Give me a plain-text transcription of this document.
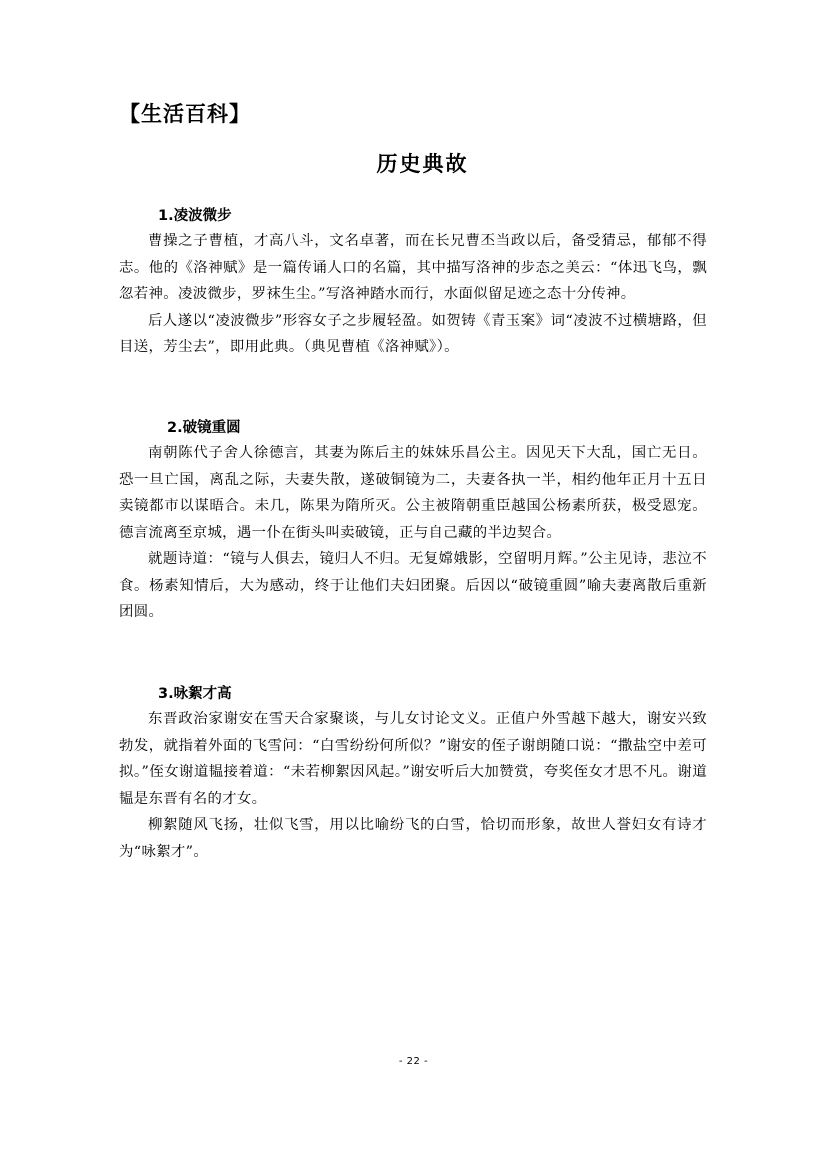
【生活百科】
历史典故
1.凌波微步

曹操之子曹植，才高八斗，文名卓著，而在长兄曹丕当政以后，备受猜忌，郁郁不得志。他的《洛神赋》是一篇传诵人口的名篇，其中描写洛神的步态之美云：“体迅飞鸟，飘忽若神。凌波微步，罗袜生尘。”写洛神踏水而行，水面似留足迹之态十分传神。

后人遂以“凌波微步”形容女子之步履轻盈。如贺铸《青玉案》词“凌波不过横塘路，但目送，芳尘去”，即用此典。（典见曹植《洛神赋》）。

2.破镜重圆

南朝陈代子舍人徐德言，其妻为陈后主的妹妹乐昌公主。因见天下大乱，国亡无日。恐一旦亡国，离乱之际，夫妻失散，遂破铜镜为二，夫妻各执一半，相约他年正月十五日卖镜都市以谋晤合。未几，陈果为隋所灭。公主被隋朝重臣越国公杨素所获，极受恩宠。德言流离至京城，遇一仆在街头叫卖破镜，正与自己藏的半边契合。

就题诗道：“镜与人俱去，镜归人不归。无复嫦娥影，空留明月辉。”公主见诗，悲泣不食。杨素知情后，大为感动，终于让他们夫妇团聚。后因以“破镜重圆”喻夫妻离散后重新团圆。

3.咏絮才高

东晋政治家谢安在雪天合家聚谈，与儿女讨论文义。正值户外雪越下越大，谢安兴致勃发，就指着外面的飞雪问：“白雪纷纷何所似？”谢安的侄子谢朗随口说：“撒盐空中差可拟。”侄女谢道韫接着道：“未若柳絮因风起。”谢安听后大加赞赏，夸奖侄女才思不凡。谢道韫是东晋有名的才女。

柳絮随风飞扬，壮似飞雪，用以比喻纷飞的白雪，恰切而形象，故世人誉妇女有诗才为“咏絮才”。

- 22 -
